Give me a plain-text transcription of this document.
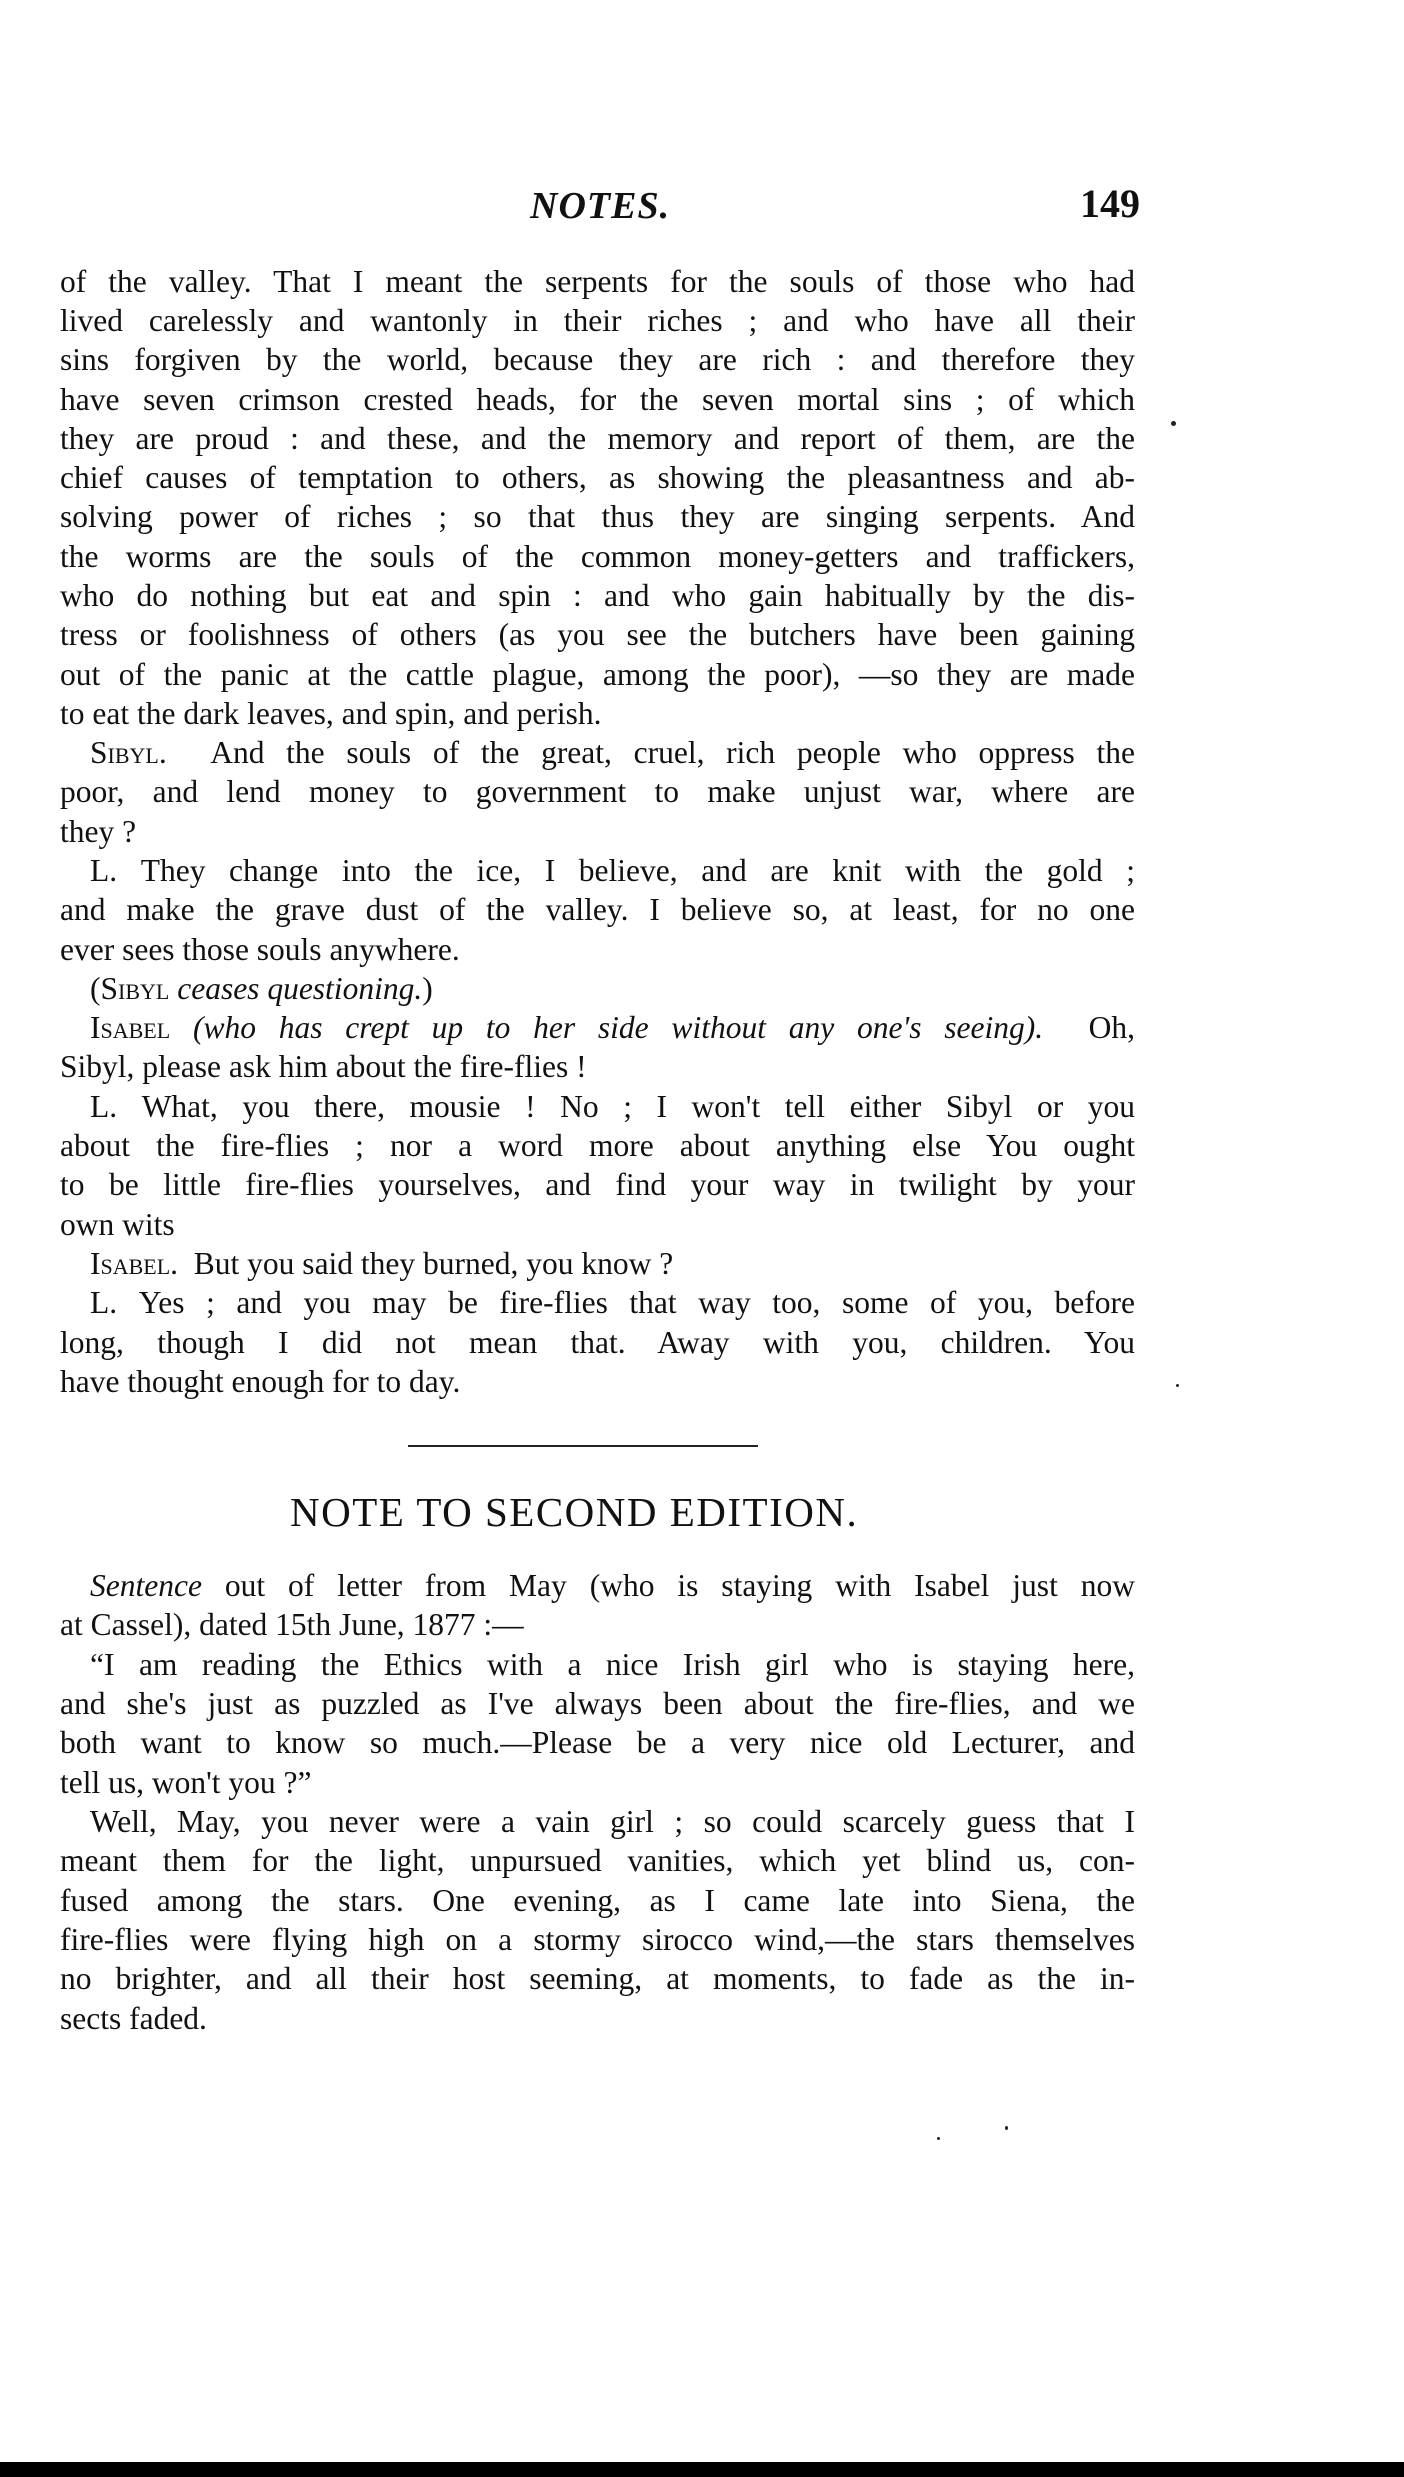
NOTES.	149
of the valley. That I meant the serpents for the souls of those who had
lived carelessly and wantonly in their riches ; and who have all their
sins forgiven by the world, because they are rich : and therefore they
have seven crimson crested heads, for the seven mortal sins ; of which
they are proud : and these, and the memory and report of them, are the
chief causes of temptation to others, as showing the pleasantness and ab-
solving power of riches ; so that thus they are singing serpents. And
the worms are the souls of the common money-getters and traffickers,
who do nothing but eat and spin : and who gain habitually by the dis-
tress or foolishness of others (as you see the butchers have been gaining
out of the panic at the cattle plague, among the poor), —so they are made
to eat the dark leaves, and spin, and perish.
Sibyl. And the souls of the great, cruel, rich people who oppress the
poor, and lend money to government to make unjust war, where are
they ?
L. They change into the ice, I believe, and are knit with the gold ;
and make the grave dust of the valley. I believe so, at least, for no one
ever sees those souls anywhere.
(Sibyl ceases questioning.)
Isabel (who has crept up to her side without any one's seeing). Oh,
Sibyl, please ask him about the fire-flies !
L. What, you there, mousie ! No ; I won't tell either Sibyl or you
about the fire-flies ; nor a word more about anything else You ought
to be little fire-flies yourselves, and find your way in twilight by your
own wits
Isabel. But you said they burned, you know ?
L. Yes ; and you may be fire-flies that way too, some of you, before
long, though I did not mean that. Away with you, children. You
have thought enough for to day.
NOTE TO SECOND EDITION.
Sentence out of letter from May (who is staying with Isabel just now
at Cassel), dated 15th June, 1877 :—
“I am reading the Ethics with a nice Irish girl who is staying here,
and she's just as puzzled as I've always been about the fire-flies, and we
both want to know so much.—Please be a very nice old Lecturer, and
tell us, won't you ?”
Well, May, you never were a vain girl ; so could scarcely guess that I
meant them for the light, unpursued vanities, which yet blind us, con-
fused among the stars. One evening, as I came late into Siena, the
fire-flies were flying high on a stormy sirocco wind,—the stars themselves
no brighter, and all their host seeming, at moments, to fade as the in-
sects faded.
